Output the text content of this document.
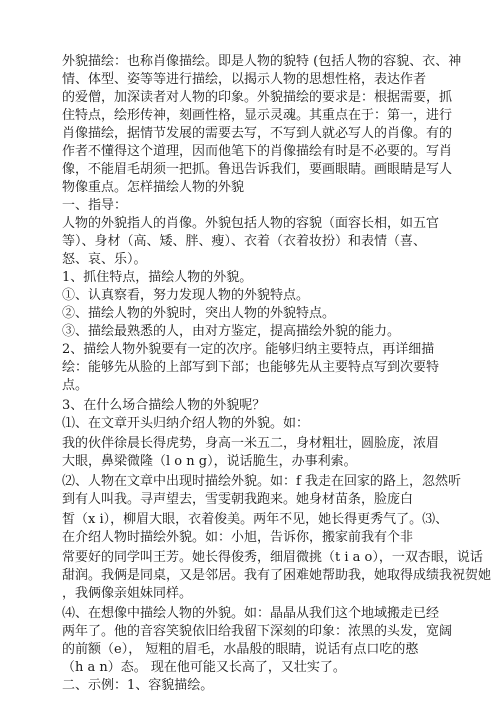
外貌描绘：也称肖像描绘。即是人物的貌特 (包括人物的容貌、衣、神
情、体型、姿等等进行描绘，以揭示人物的思想性格，表达作者
的爱僧，加深读者对人物的印象。外貌描绘的要求是：根据需要，抓
住特点，绘形传神，刻画性格，显示灵魂。其重点在于：第一，进行
肖像描绘，据情节发展的需要去写，不写到人就必写人的肖像。有的
作者不懂得这个道理，因而他笔下的肖像描绘有时是不必要的。写肖
像，不能眉毛胡须一把抓。鲁迅告诉我们，要画眼睛。画眼睛是写人
物像重点。怎样描绘人物的外貌
一、指导：
人物的外貌指人的肖像。外貌包括人物的容貌（面容长相，如五官
等）、身材（高、矮、胖、瘦）、衣着（衣着妆扮）和表情（喜、
怒、哀、乐）。
1、抓住特点，描绘人物的外貌。
①、认真察看，努力发现人物的外貌特点。
②、描绘人物的外貌时，突出人物的外貌特点。
③、描绘最熟悉的人，由对方鉴定，提高描绘外貌的能力。
2、描绘人物外貌要有一定的次序。能够归纳主要特点，再详细描
绘：能够先从脸的上部写到下部；也能够先从主要特点写到次要特
点。
3、在什么场合描绘人物的外貌呢？
⑴、在文章开头归纳介绍人物的外貌。如：
我的伙伴徐晨长得虎势，身高一米五二，身材粗壮，圆脸庞，浓眉
大眼，鼻梁微隆（l o n g），说话脆生，办事利索。
⑵、人物在文章中出现时描绘外貌。如：f 我走在回家的路上，忽然听
到有人叫我。寻声望去，雪雯朝我跑来。她身材苗条，脸庞白
皙（x i），柳眉大眼，衣着俊美。两年不见，她长得更秀气了。⑶、
在介绍人物时描绘外貌。如：小旭，告诉你，搬家前我有个非
常要好的同学叫王芳。她长得俊秀，细眉微挑（t i a o），一双杏眼，说话
甜润。我俩是同桌，又是邻居。我有了困难她帮助我，她取得成绩我祝贺她
，我俩像亲姐妹同样。
⑷、在想像中描绘人物的外貌。如：晶晶从我们这个地域搬走已经
两年了。他的音容笑貌依旧给我留下深刻的印象：浓黑的头发，宽阔
的前额（e）， 短粗的眉毛，水晶般的眼睛，说话有点口吃的憨
（h a n）态。 现在他可能又长高了，又壮实了。
二、示例：1、容貌描绘。
